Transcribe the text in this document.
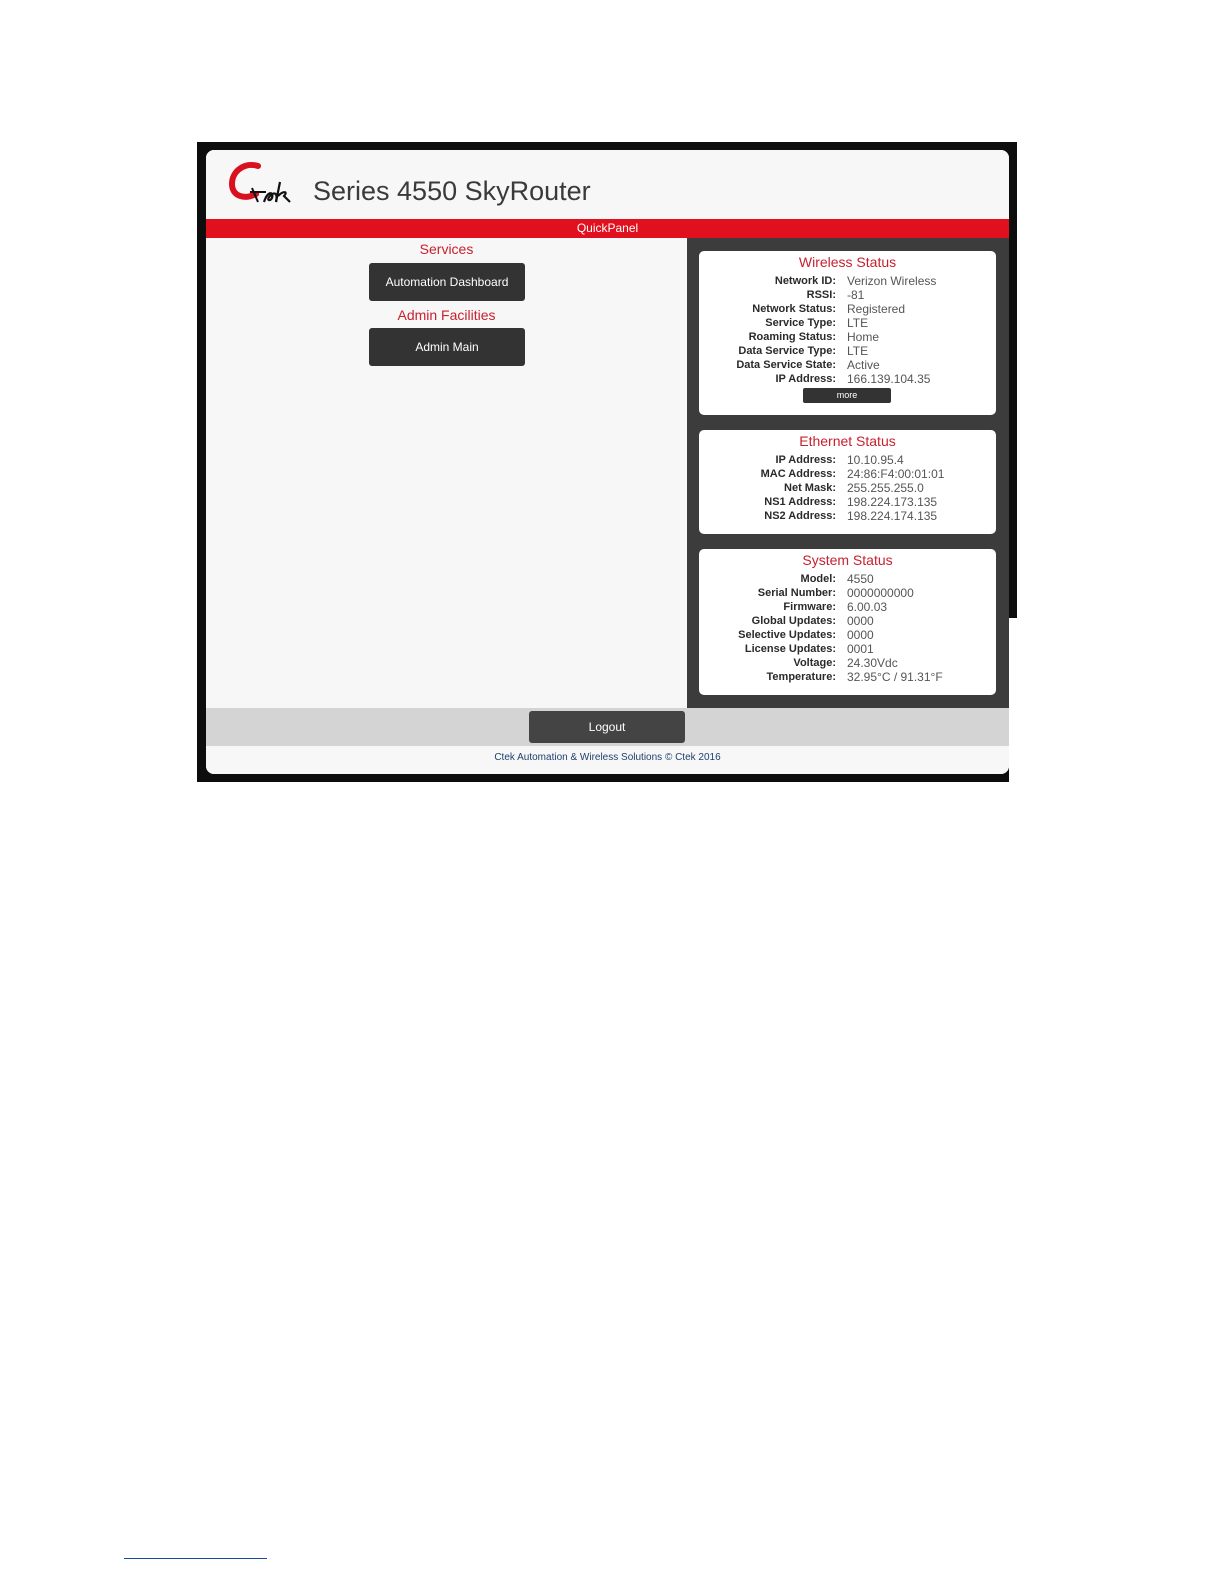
Series 4550 SkyRouter
QuickPanel
Services
Automation Dashboard
Admin Facilities
Admin Main
Wireless Status
Network ID: Verizon Wireless
RSSI: -81
Network Status: Registered
Service Type: LTE
Roaming Status: Home
Data Service Type: LTE
Data Service State: Active
IP Address: 166.139.104.35
more
Ethernet Status
IP Address: 10.10.95.4
MAC Address: 24:86:F4:00:01:01
Net Mask: 255.255.255.0
NS1 Address: 198.224.173.135
NS2 Address: 198.224.174.135
System Status
Model: 4550
Serial Number: 0000000000
Firmware: 6.00.03
Global Updates: 0000
Selective Updates: 0000
License Updates: 0001
Voltage: 24.30Vdc
Temperature: 32.95°C / 91.31°F
Logout
Ctek Automation & Wireless Solutions © Ctek 2016
